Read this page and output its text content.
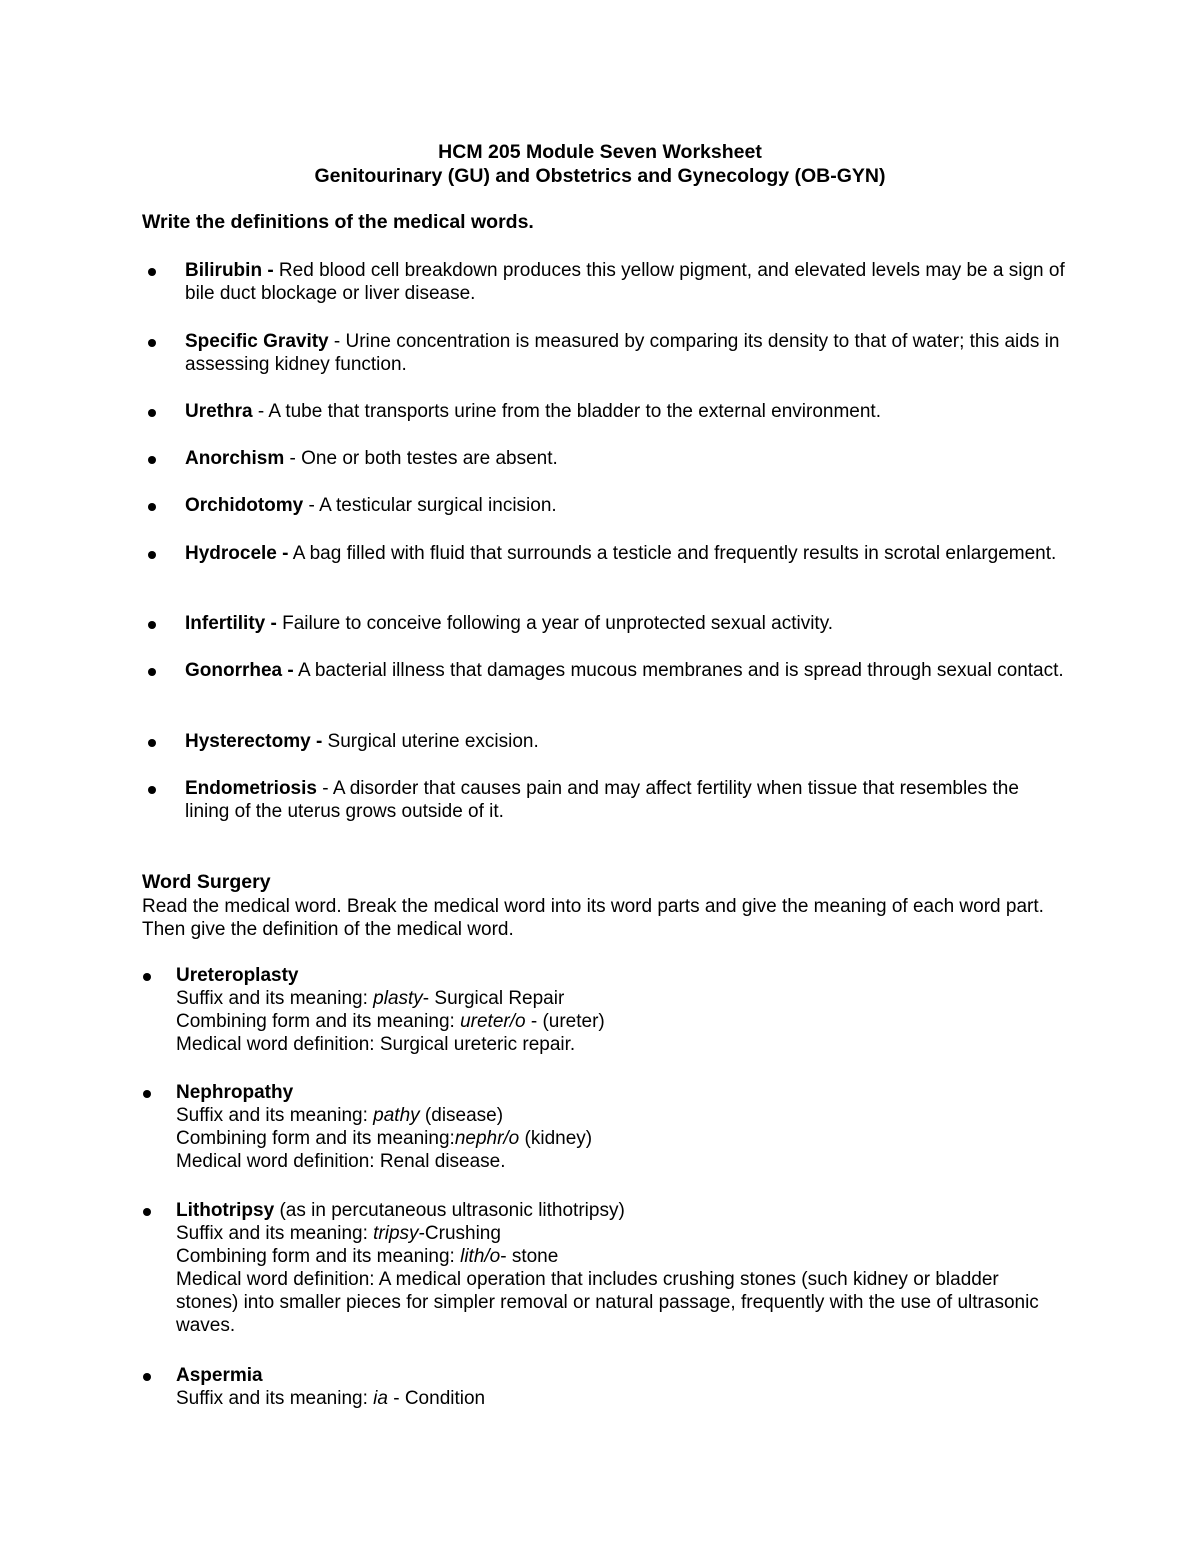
HCM 205 Module Seven Worksheet
Genitourinary (GU) and Obstetrics and Gynecology (OB-GYN)
Write the definitions of the medical words.
Bilirubin - Red blood cell breakdown produces this yellow pigment, and elevated levels may be a sign of bile duct blockage or liver disease.
Specific Gravity - Urine concentration is measured by comparing its density to that of water; this aids in assessing kidney function.
Urethra - A tube that transports urine from the bladder to the external environment.
Anorchism - One or both testes are absent.
Orchidotomy - A testicular surgical incision.
Hydrocele - A bag filled with fluid that surrounds a testicle and frequently results in scrotal enlargement.
Infertility - Failure to conceive following a year of unprotected sexual activity.
Gonorrhea - A bacterial illness that damages mucous membranes and is spread through sexual contact.
Hysterectomy - Surgical uterine excision.
Endometriosis - A disorder that causes pain and may affect fertility when tissue that resembles the lining of the uterus grows outside of it.
Word Surgery
Read the medical word. Break the medical word into its word parts and give the meaning of each word part. Then give the definition of the medical word.
Ureteroplasty
Suffix and its meaning: plasty- Surgical Repair
Combining form and its meaning: ureter/o - (ureter)
Medical word definition: Surgical ureteric repair.
Nephropathy
Suffix and its meaning: pathy (disease)
Combining form and its meaning:nephr/o (kidney)
Medical word definition: Renal disease.
Lithotripsy (as in percutaneous ultrasonic lithotripsy)
Suffix and its meaning: tripsy-Crushing
Combining form and its meaning: lith/o- stone
Medical word definition: A medical operation that includes crushing stones (such kidney or bladder stones) into smaller pieces for simpler removal or natural passage, frequently with the use of ultrasonic waves.
Aspermia
Suffix and its meaning: ia - Condition
